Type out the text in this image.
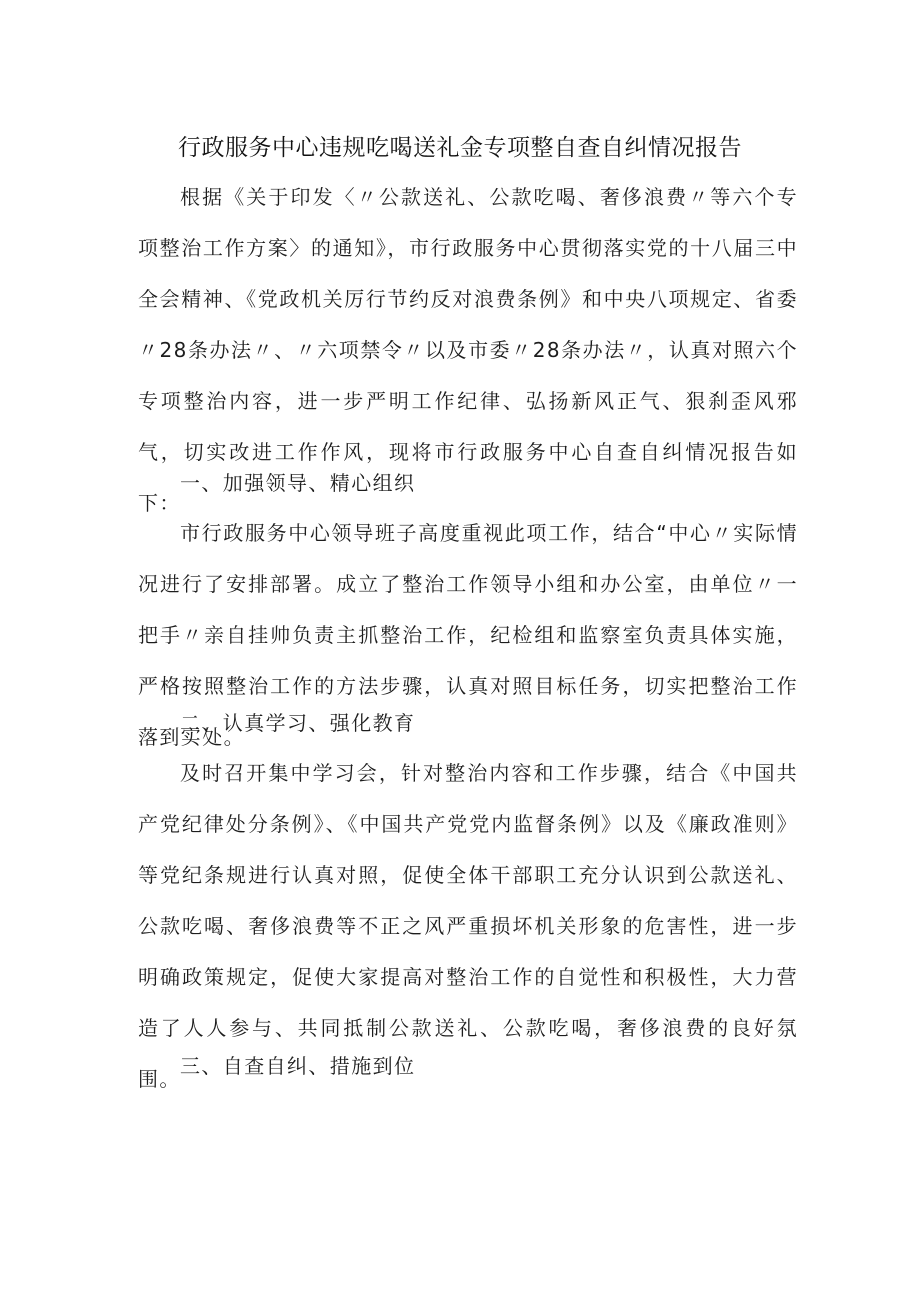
行政服务中心违规吃喝送礼金专项整自查自纠情况报告

根据《关于印发〈〃公款送礼、公款吃喝、奢侈浪费〃等六个专项整治工作方案〉的通知》，市行政服务中心贯彻落实党的十八届三中全会精神、《党政机关厉行节约反对浪费条例》和中央八项规定、省委〃28条办法〃、〃六项禁令〃以及市委〃28条办法〃，认真对照六个专项整治内容，进一步严明工作纪律、弘扬新风正气、狠刹歪风邪气，切实改进工作作风，现将市行政服务中心自查自纠情况报告如下：

一、加强领导、精心组织

市行政服务中心领导班子高度重视此项工作，结合“中心〃实际情况进行了安排部署。成立了整治工作领导小组和办公室，由单位〃一把手〃亲自挂帅负责主抓整治工作，纪检组和监察室负责具体实施，严格按照整治工作的方法步骤，认真对照目标任务，切实把整治工作落到实处。

二、认真学习、强化教育

及时召开集中学习会，针对整治内容和工作步骤，结合《中国共产党纪律处分条例》、《中国共产党党内监督条例》以及《廉政准则》等党纪条规进行认真对照，促使全体干部职工充分认识到公款送礼、公款吃喝、奢侈浪费等不正之风严重损坏机关形象的危害性，进一步明确政策规定，促使大家提高对整治工作的自觉性和积极性，大力营造了人人参与、共同抵制公款送礼、公款吃喝，奢侈浪费的良好氛围。

三、自查自纠、措施到位
